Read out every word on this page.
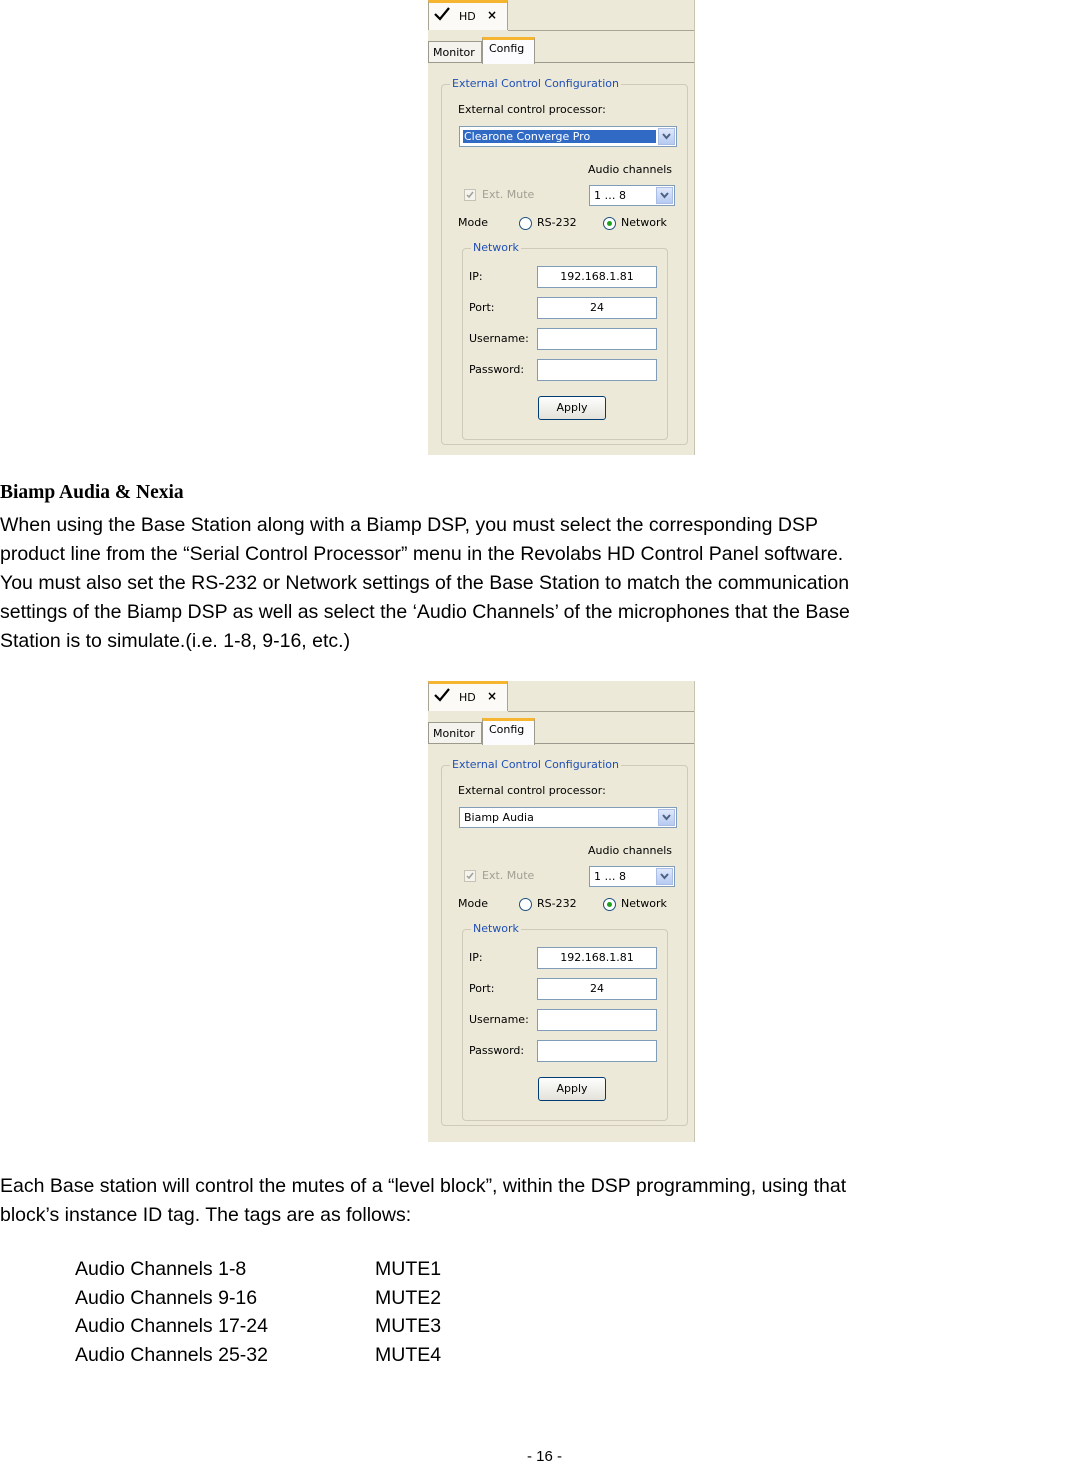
HD ×
Monitor	Config
External Control Configuration
External control processor:
Clearone Converge Pro
Audio channels
Ext. Mute	1 … 8
Mode	RS-232	Network
Network
IP:	192.168.1.81
Port:	24
Username:
Password:
Apply
Biamp Audia & Nexia
When using the Base Station along with a Biamp DSP, you must select the corresponding DSP
product line from the “Serial Control Processor” menu in the Revolabs HD Control Panel software.
You must also set the RS-232 or Network settings of the Base Station to match the communication
settings of the Biamp DSP as well as select the ‘Audio Channels’ of the microphones that the Base
Station is to simulate.(i.e. 1-8, 9-16, etc.)
HD ×
Monitor	Config
External Control Configuration
External control processor:
Biamp Audia
Audio channels
Ext. Mute	1 … 8
Mode	RS-232	Network
Network
IP:	192.168.1.81
Port:	24
Username:
Password:
Apply
Each Base station will control the mutes of a “level block”, within the DSP programming, using that
block’s instance ID tag. The tags are as follows:
Audio Channels 1-8	MUTE1
Audio Channels 9-16	MUTE2
Audio Channels 17-24	MUTE3
Audio Channels 25-32	MUTE4
- 16 -
